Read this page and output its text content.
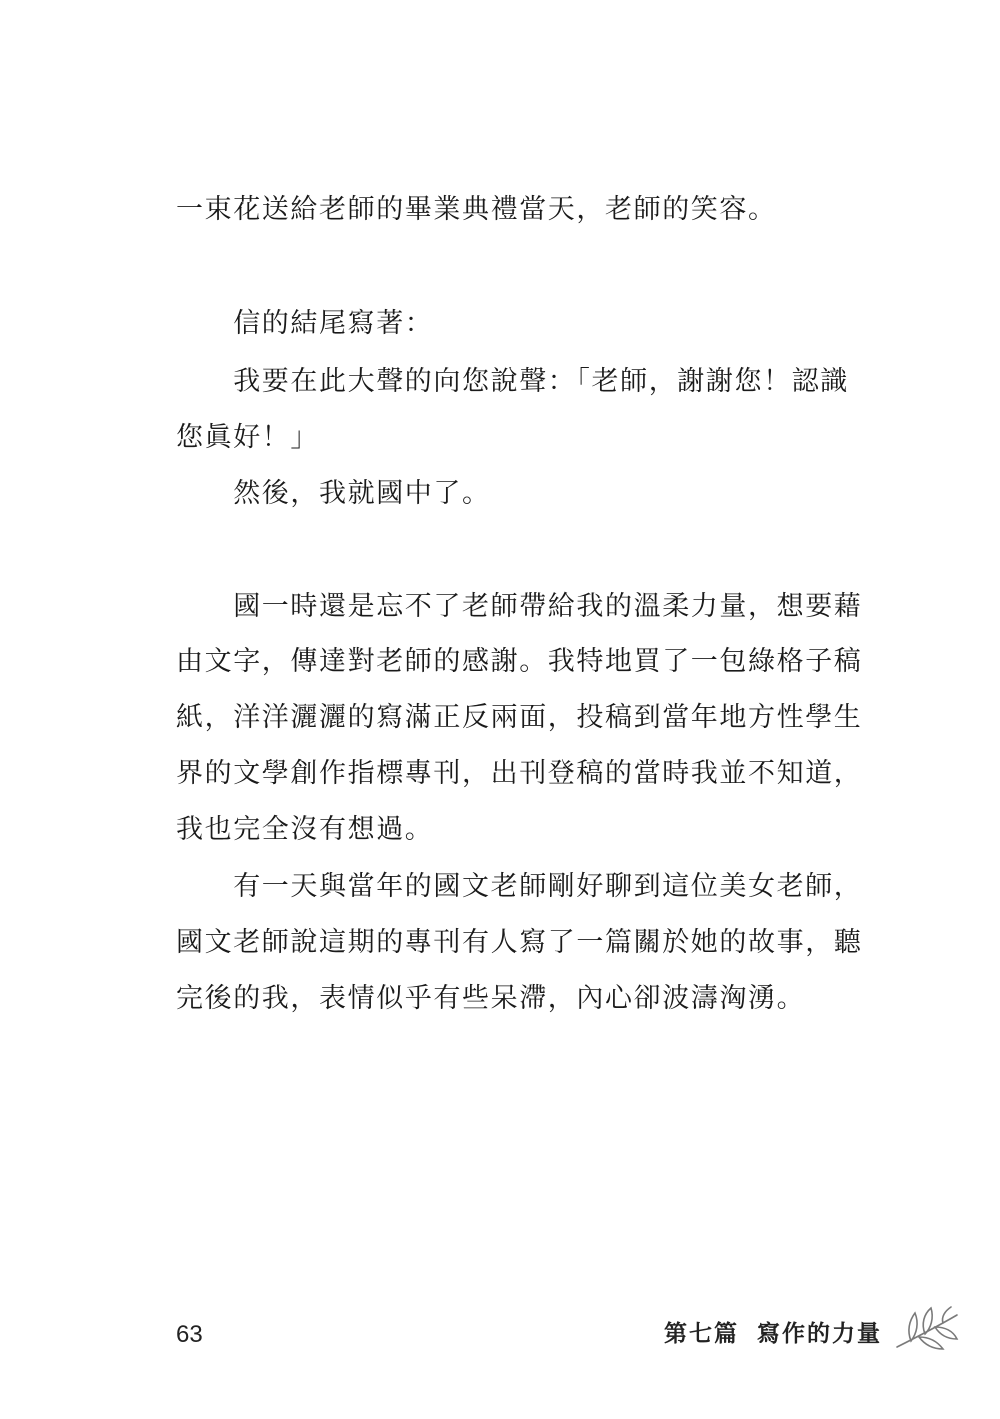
一束花送給老師的畢業典禮當天，老師的笑容。
　　信的結尾寫著：
　　我要在此大聲的向您說聲：「老師，謝謝您！認識
您眞好！」
　　然後，我就國中了。
　　國一時還是忘不了老師帶給我的溫柔力量，想要藉
由文字，傳達對老師的感謝。我特地買了一包綠格子稿
紙，洋洋灑灑的寫滿正反兩面，投稿到當年地方性學生
界的文學創作指標專刊，出刊登稿的當時我並不知道，
我也完全沒有想過。
　　有一天與當年的國文老師剛好聊到這位美女老師，
國文老師說這期的專刊有人寫了一篇關於她的故事，聽
完後的我，表情似乎有些呆滯，內心卻波濤洶湧。
63	第七篇 寫作的力量
